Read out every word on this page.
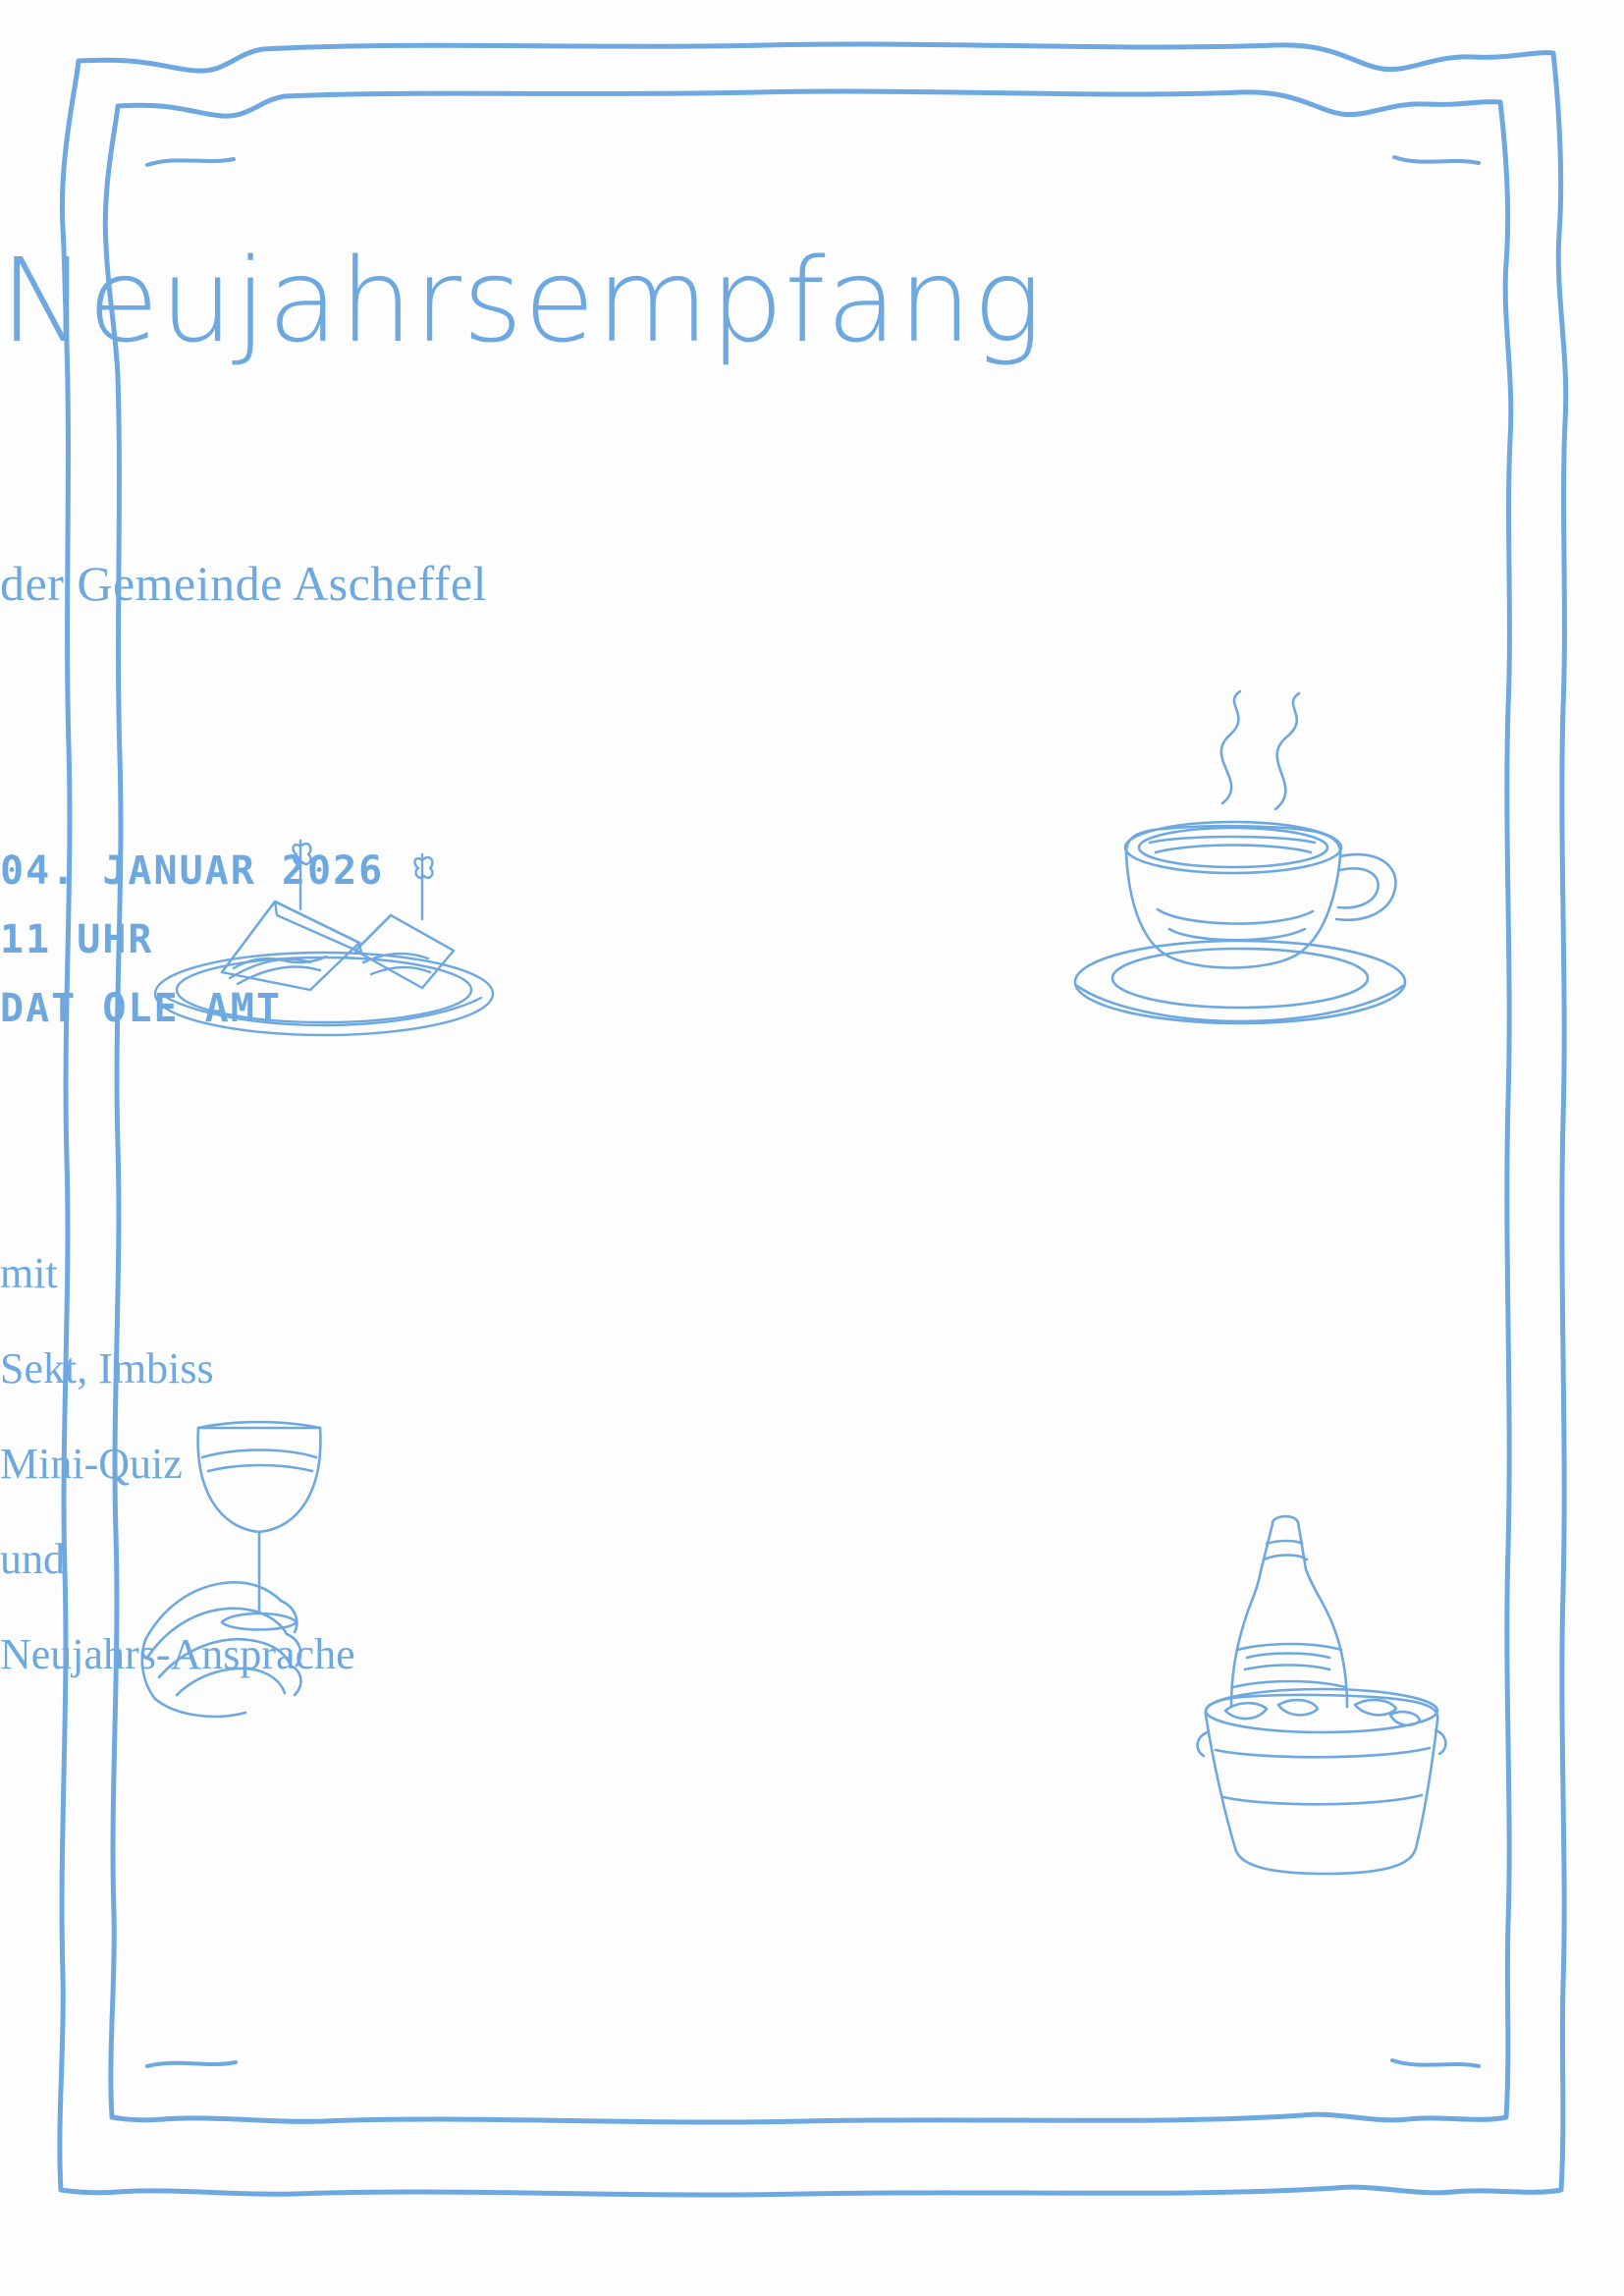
Neujahrsempfang
der Gemeinde Ascheffel
04. JANUAR 2026
11 UHR
DAT OLE AMT
mit
Sekt, Imbiss
Mini-Quiz
und
Neujahrs-Ansprache
